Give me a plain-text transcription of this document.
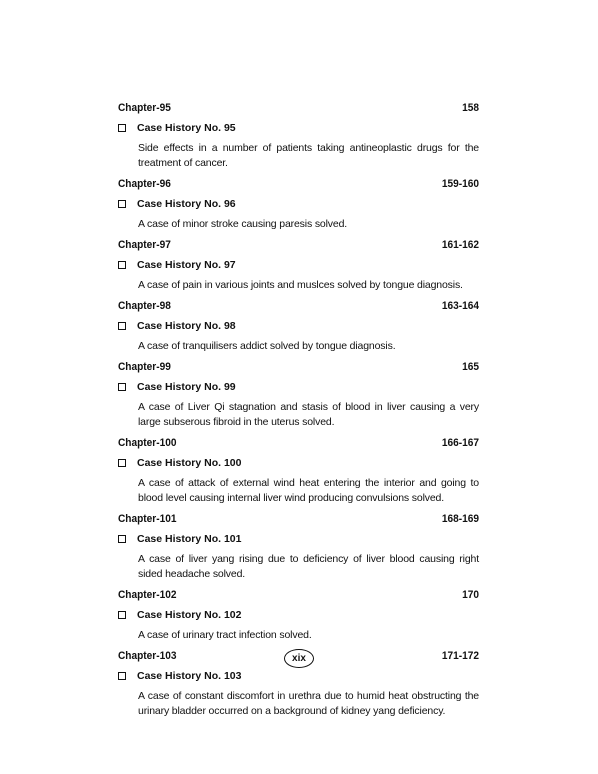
Chapter-95	158
Case History No. 95
Side effects in a number of patients taking antineoplastic drugs for the treatment of cancer.
Chapter-96	159-160
Case History No. 96
A case of minor stroke causing paresis solved.
Chapter-97	161-162
Case History No. 97
A case of pain in various joints and muslces solved by tongue diagnosis.
Chapter-98	163-164
Case History No. 98
A case of tranquilisers addict solved by tongue diagnosis.
Chapter-99	165
Case History No. 99
A case of Liver Qi stagnation and stasis of blood in liver causing a very large subserous fibroid in the uterus solved.
Chapter-100	166-167
Case History No. 100
A case of attack of external wind heat entering the interior and going to blood level causing internal liver wind producing convulsions solved.
Chapter-101	168-169
Case History No. 101
A case of liver yang rising due to deficiency of liver blood causing right sided headache solved.
Chapter-102	170
Case History No. 102
A case of urinary tract infection solved.
Chapter-103	171-172
Case History No. 103
A case of constant discomfort in urethra due to humid heat obstructing the urinary bladder occurred on a background of kidney yang deficiency.
xix
